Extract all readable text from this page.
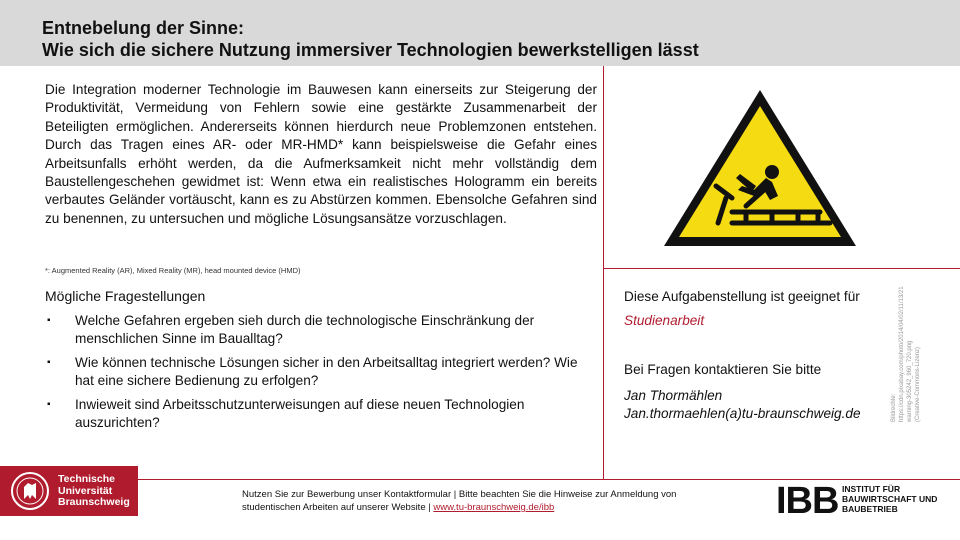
Entnebelung der Sinne:
Wie sich die sichere Nutzung immersiver Technologien bewerkstelligen lässt

Die Integration moderner Technologie im Bauwesen kann einerseits zur Steigerung der Produktivität, Vermeidung von Fehlern sowie eine gestärkte Zusammenarbeit der Beteiligten ermöglichen. Andererseits können hierdurch neue Problemzonen entstehen. Durch das Tragen eines AR- oder MR-HMD* kann beispielsweise die Gefahr eines Arbeitsunfalls erhöht werden, da die Aufmerksamkeit nicht mehr vollständig dem Baustellengeschehen gewidmet ist: Wenn etwa ein realistisches Hologramm ein bereits verbautes Geländer vortäuscht, kann es zu Abstürzen kommen. Ebensolche Gefahren sind zu benennen, zu untersuchen und mögliche Lösungsansätze vorzuschlagen.

*: Augmented Reality (AR), Mixed Reality (MR), head mounted device (HMD)
Mögliche Fragestellungen
▪ Welche Gefahren ergeben sieh durch die technologische Einschränkung der menschlichen Sinne im Baualltag?
▪ Wie können technische Lösungen sicher in den Arbeitsalltag integriert werden? Wie hat eine sichere Bedienung zu erfolgen?
▪ Inwieweit sind Arbeitsschutzunterweisungen auf diese neuen Technologien auszurichten?
Bildrechte: https://cdn.pixabay.com/photo/2014/04/02/11/13/21 warning-305242_960_720.png (Creative-Commons-Lizenz)
Diese Aufgabenstellung ist geeignet für
Studienarbeit
Bei Fragen kontaktieren Sie bitte
Jan Thormählen
Jan.thormaehlen(a)tu-braunschweig.de
Technische
Universität
Braunschweig
Nutzen Sie zur Bewerbung unser Kontaktformular | Bitte beachten Sie die Hinweise zur Anmeldung von
studentischen Arbeiten auf unserer Website | www.tu-braunschweig.de/ibb	IBB INSTITUT FÜR
BAUWIRTSCHAFT UND
BAUBETRIEB
